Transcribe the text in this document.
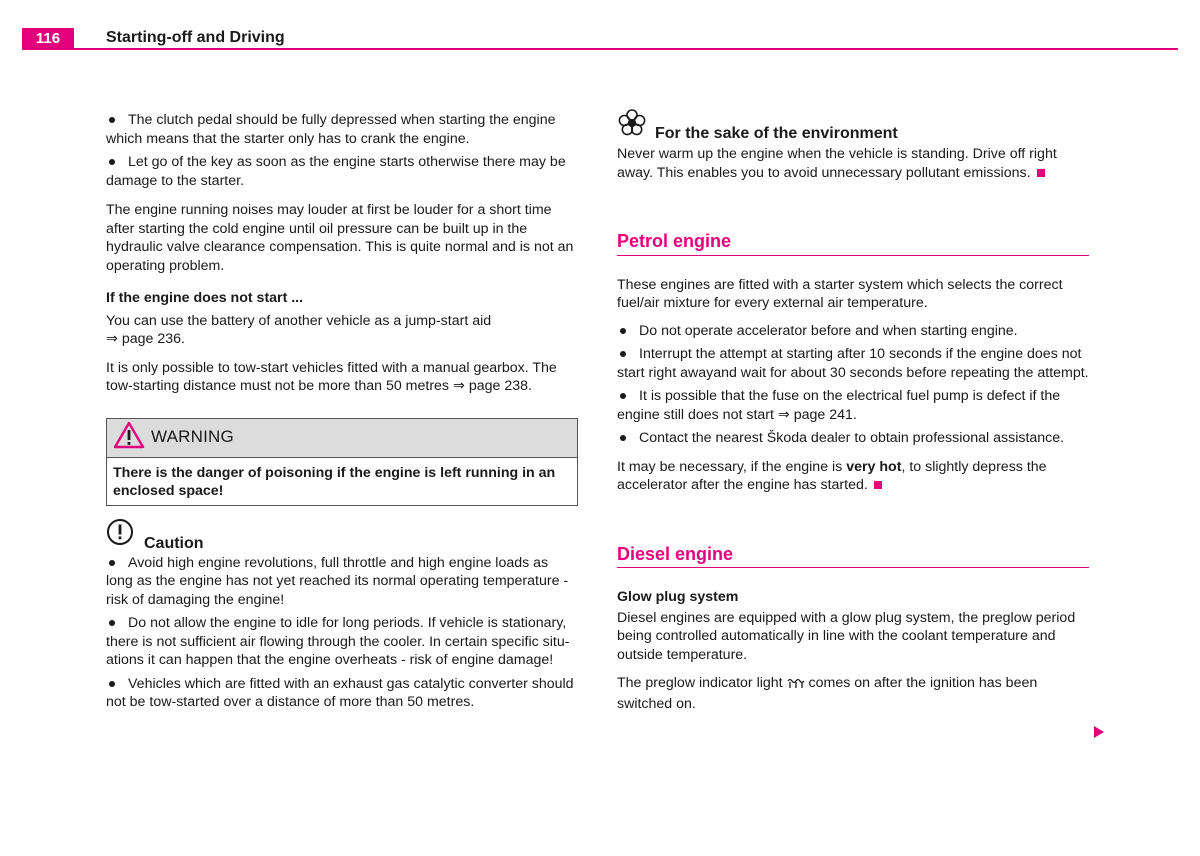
116	Starting-off and Driving

The clutch pedal should be fully depressed when starting the engine which means that the starter only has to crank the engine.

Let go of the key as soon as the engine starts otherwise there may be damage to the starter.

The engine running noises may louder at first be louder for a short time after starting the cold engine until oil pressure can be built up in the hydraulic valve clearance compensation. This is quite normal and is not an operating problem.

If the engine does not start ...

You can use the battery of another vehicle as a jump-start aid
⇒ page 236.

It is only possible to tow-start vehicles fitted with a manual gearbox. The tow-starting distance must not be more than 50 metres ⇒ page 238.

WARNING
There is the danger of poisoning if the engine is left running in an enclosed space!
Caution

Avoid high engine revolutions, full throttle and high engine loads as long as the engine has not yet reached its normal operating temperature - risk of damaging the engine!

Do not allow the engine to idle for long periods. If vehicle is stationary, there is not sufficient air flowing through the cooler. In certain specific situ-ations it can happen that the engine overheats - risk of engine damage!

Vehicles which are fitted with an exhaust gas catalytic converter should not be tow-started over a distance of more than 50 metres.

For the sake of the environment

Never warm up the engine when the vehicle is standing. Drive off right away. This enables you to avoid unnecessary pollutant emissions.

Petrol engine

These engines are fitted with a starter system which selects the correct fuel/air mixture for every external air temperature.

Do not operate accelerator before and when starting engine.

Interrupt the attempt at starting after 10 seconds if the engine does not start right awayand wait for about 30 seconds before repeating the attempt.

It is possible that the fuse on the electrical fuel pump is defect if the engine still does not start ⇒ page 241.

Contact the nearest Škoda dealer to obtain professional assistance.

It may be necessary, if the engine is very hot, to slightly depress the accelerator after the engine has started.

Diesel engine

Glow plug system

Diesel engines are equipped with a glow plug system, the preglow period being controlled automatically in line with the coolant temperature and outside temperature.

The preglow indicator light comes on after the ignition has been switched on.
